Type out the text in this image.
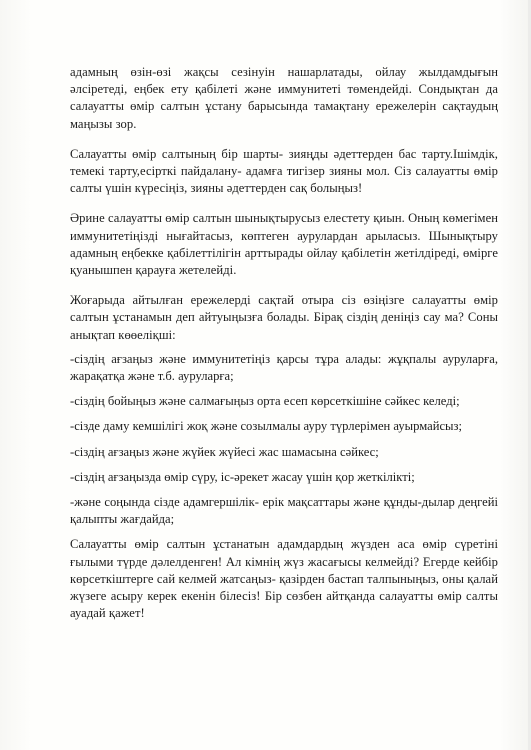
адамның өзін-өзі жақсы сезінуін нашарлатады, ойлау жылдамдығын әлсіретеді, еңбек ету қабілеті және иммунитеті төмендейді. Сондықтан да салауатты өмір салтын ұстану барысында тамақтану ережелерін сақтаудың маңызы зор.

Салауатты өмір салтының бір шарты- зияңды әдеттерден бас тарту.Ішімдік, темекі тарту,есірткі пайдалану- адамға тигізер зияны мол. Сіз салауатты өмір салты үшін күресіңіз, зияны әдеттерден сақ болыңыз!

Әрине салауатты өмір салтын шынықтырусыз елестету қиын. Оның көмегімен иммунитетіңізді нығайтасыз, көптеген аурулардан арыласыз. Шынықтыру адамның еңбекке қабілеттілігін арттырады ойлау қабілетін жетілдіреді, өмірге қуанышпен қарауға жетелейді.

Жоғарыда айтылған ережелерді сақтай отыра сіз өзіңізге салауатты өмір салтын ұстанамын деп айтуыңызға болады. Бірақ сіздің деніңіз сау ма? Соны анықтап көөеліқші:

-сіздің ағзаңыз және иммунитетіңіз қарсы тұра алады: жұқпалы ауруларға, жарақатқа және т.б. ауруларға;
-сіздің бойыңыз және салмағыңыз орта есеп көрсеткішіне сәйкес келеді;
-сізде даму кемшілігі жоқ және созылмалы ауру түрлерімен ауырмайсыз;
-сіздің ағзаңыз және жүйек жүйесі жас шамасына сәйкес;
-сіздің ағзаңызда өмір сүру, іс-әрекет жасау үшін қор жеткілікті;
-және соңында сізде адамгершілік- ерік мақсаттары және құнды-дылар деңгейі қалыпты жағдайда;

Салауатты өмір салтын ұстанатын адамдардың жүзден аса өмір сүретіні ғылыми түрде дәлелденген! Ал кімнің жүз жасағысы келмейді? Егерде кейбір көрсеткіштерге сай келмей жатсаңыз- қазірден бастап талпыныңыз, оны қалай жүзеге асыру керек екенін білесіз! Бір сөзбен айтқанда салауатты өмір салты ауадай қажет!
